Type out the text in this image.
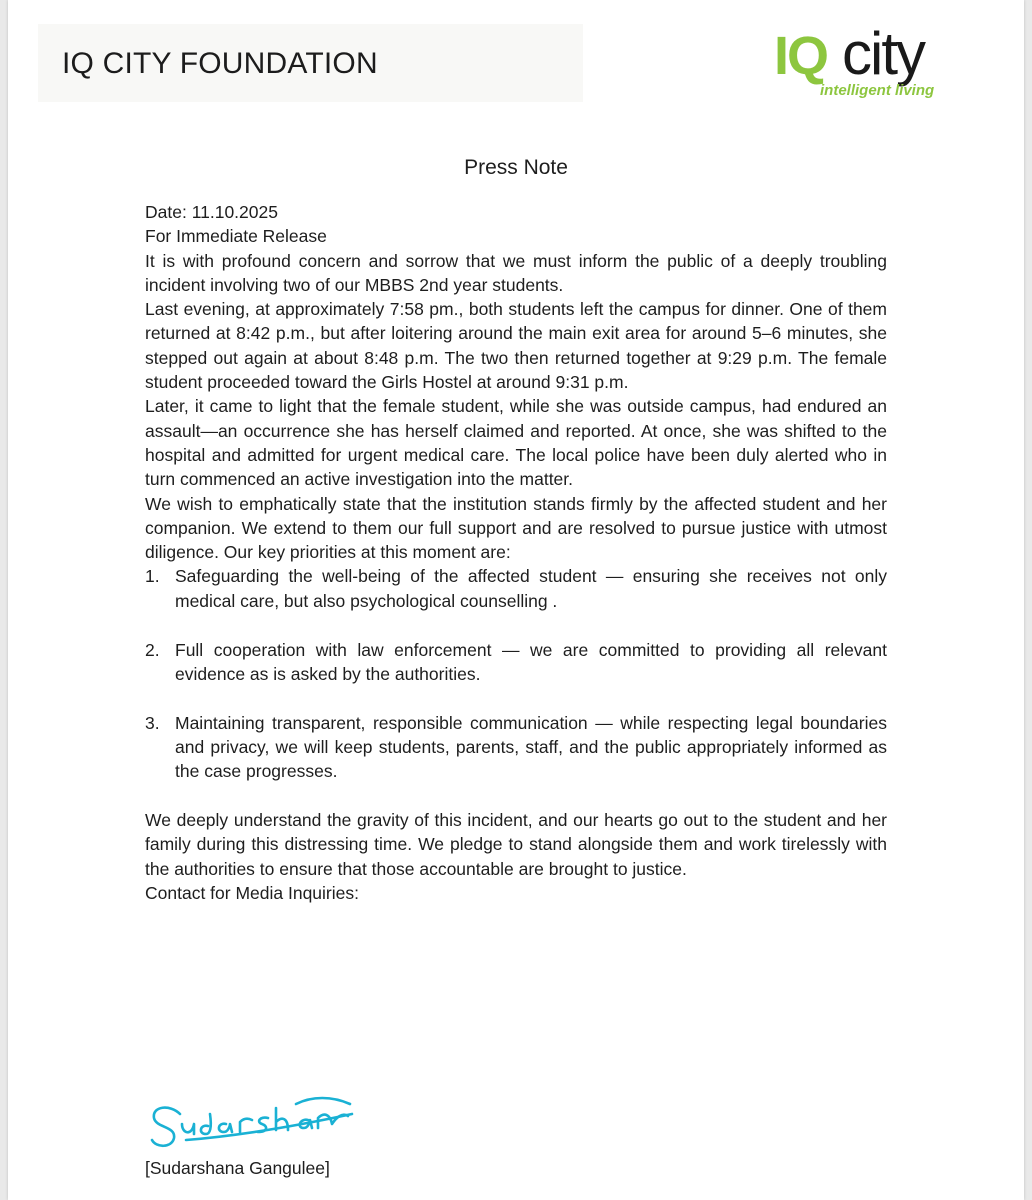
IQ CITY FOUNDATION	IQ city
intelligent living
Press Note

Date: 11.10.2025

For Immediate Release

It is with profound concern and sorrow that we must inform the public of a deeply troubling incident involving two of our MBBS 2nd year students.

Last evening, at approximately 7:58 pm., both students left the campus for dinner. One of them returned at 8:42 p.m., but after loitering around the main exit area for around 5–6 minutes, she stepped out again at about 8:48 p.m. The two then returned together at 9:29 p.m. The female student proceeded toward the Girls Hostel at around 9:31 p.m.

Later, it came to light that the female student, while she was outside campus, had endured an assault—an occurrence she has herself claimed and reported. At once, she was shifted to the hospital and admitted for urgent medical care. The local police have been duly alerted who in turn commenced an active investigation into the matter.

We wish to emphatically state that the institution stands firmly by the affected student and her companion. We extend to them our full support and are resolved to pursue justice with utmost diligence. Our key priorities at this moment are:

1. Safeguarding the well-being of the affected student — ensuring she receives not only medical care, but also psychological counselling .
2. Full cooperation with law enforcement — we are committed to providing all relevant evidence as is asked by the authorities.
3. Maintaining transparent, responsible communication — while respecting legal boundaries and privacy, we will keep students, parents, staff, and the public appropriately informed as the case progresses.

We deeply understand the gravity of this incident, and our hearts go out to the student and her family during this distressing time. We pledge to stand alongside them and work tirelessly with the authorities to ensure that those accountable are brought to justice.

Contact for Media Inquiries:

[Sudarshana Gangulee]
